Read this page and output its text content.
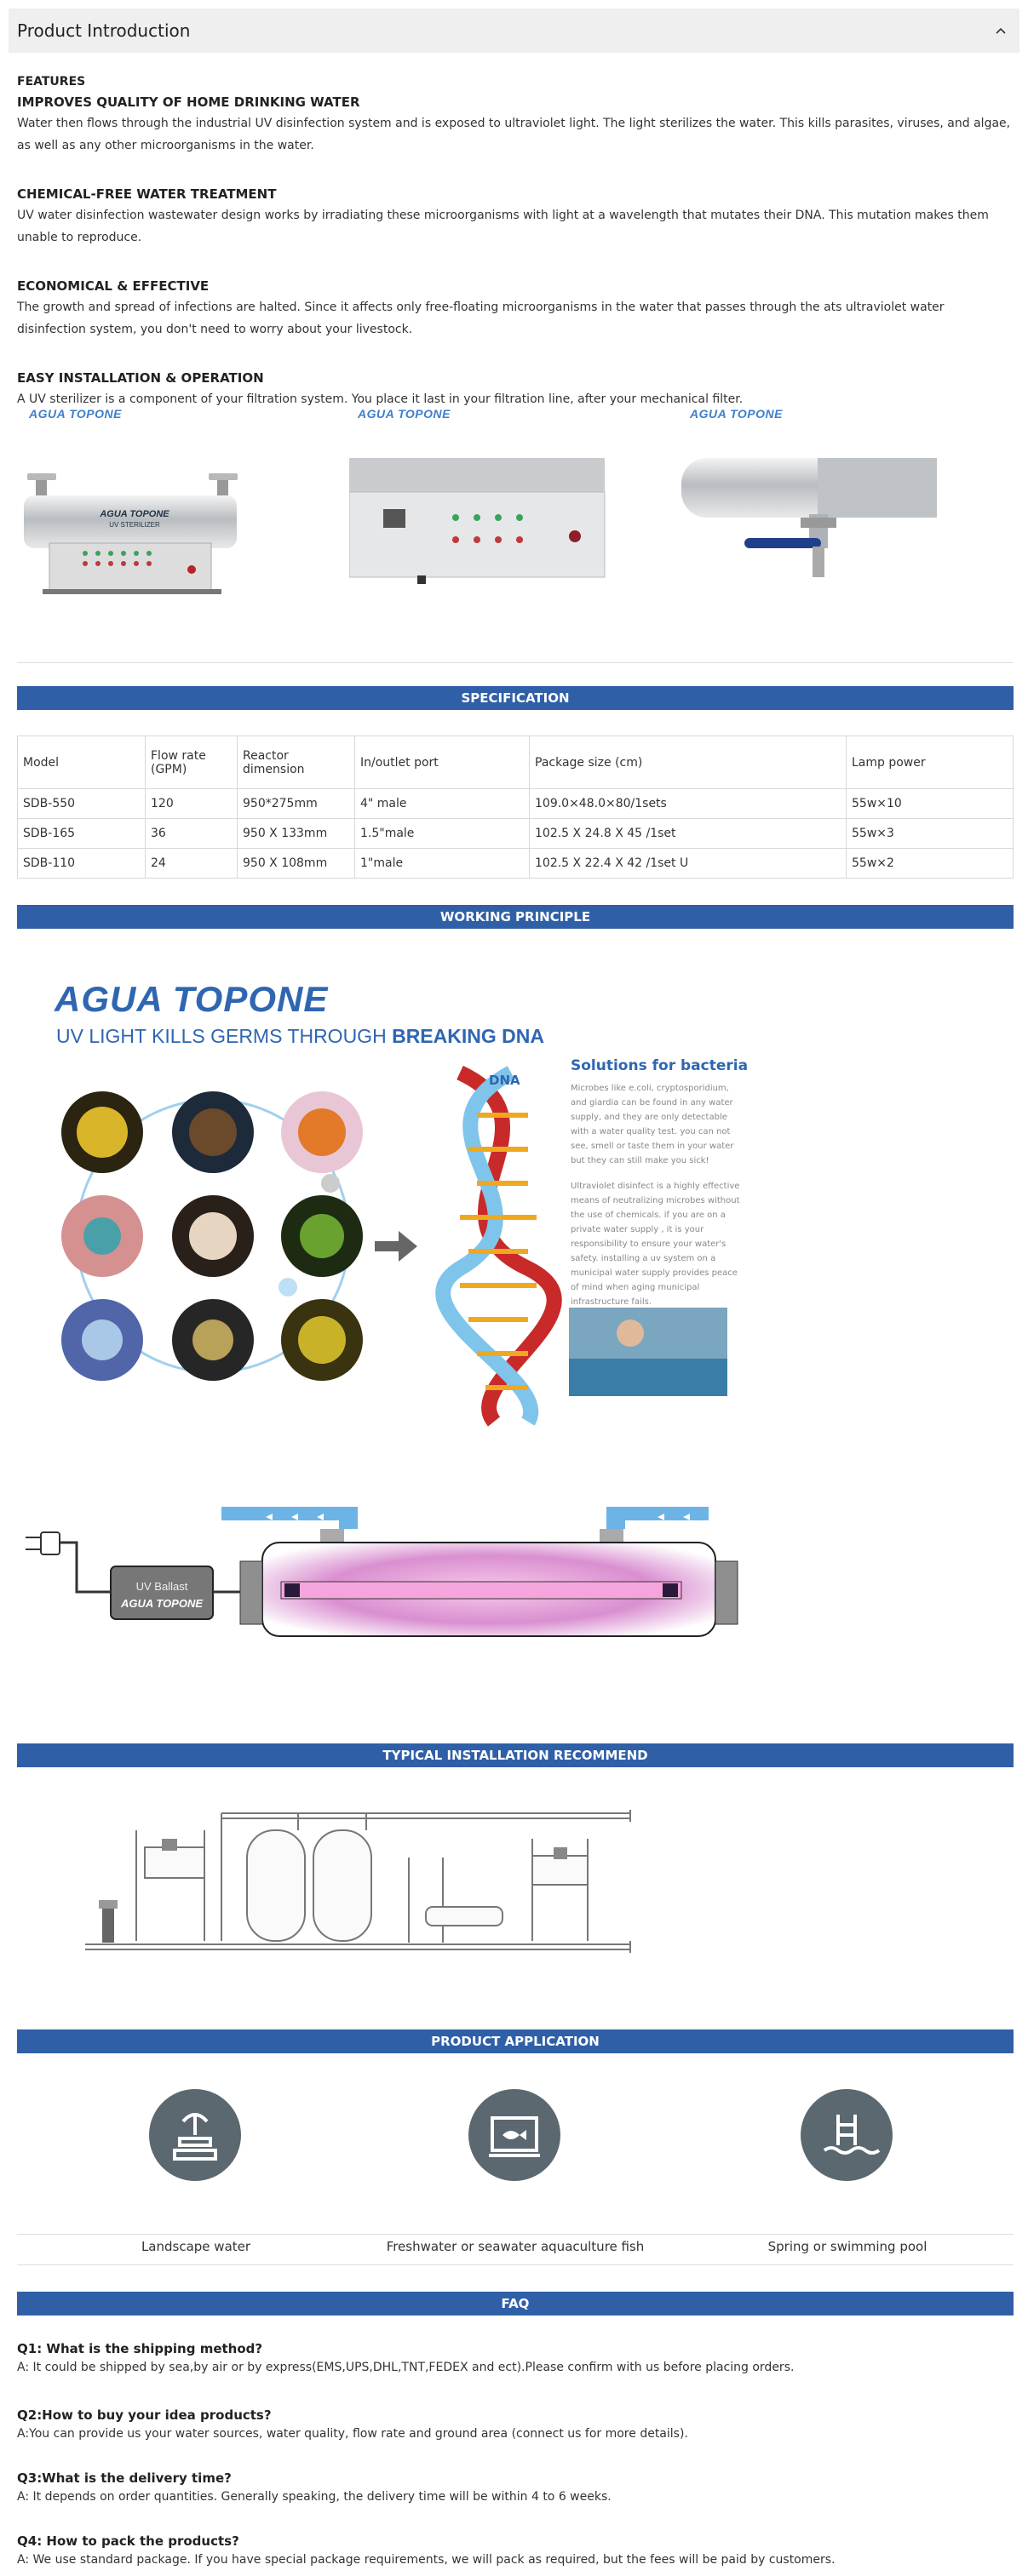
Product Introduction
FEATURES
IMPROVES QUALITY OF HOME DRINKING WATER
Water then flows through the industrial UV disinfection system and is exposed to ultraviolet light. The light sterilizes the water. This kills parasites, viruses, and algae, as well as any other microorganisms in the water.
CHEMICAL-FREE WATER TREATMENT
UV water disinfection wastewater design works by irradiating these microorganisms with light at a wavelength that mutates their DNA. This mutation makes them unable to reproduce.
ECONOMICAL & EFFECTIVE
The growth and spread of infections are halted. Since it affects only free-floating microorganisms in the water that passes through the ats ultraviolet water disinfection system, you don't need to worry about your livestock.
EASY INSTALLATION & OPERATION
A UV sterilizer is a component of your filtration system. You place it last in your filtration line, after your mechanical filter.
AGUA TOPONE
AGUA TOPONE
UV STERILIZER
AGUA TOPONE	AGUA TOPONE
SPECIFICATION
Model	Flow rate (GPM)	Reactor dimension	In/outlet port	Package size (cm)	Lamp power
SDB-550	120	950*275mm	4" male	109.0×48.0×80/1sets	55w×10
SDB-165	36	950 X 133mm	1.5"male	102.5 X 24.8 X 45 /1set	55w×3
SDB-110	24	950 X 108mm	1"male	102.5 X 22.4 X 42 /1set U	55w×2
WORKING PRINCIPLE
AGUA TOPONE
UV LIGHT KILLS GERMS THROUGH BREAKING DNA
DNA
Solutions for bacteria
Microbes like e.coli, cryptosporidium, and giardia can be found in any water supply, and they are only detectable with a water quality test. you can not see, smell or taste them in your water but they can still make you sick!
Ultraviolet disinfect is a highly effective means of neutralizing microbes without the use of chemicals. if you are on a private water supply , it is your responsibility to ensure your water's safety. installing a uv system on a municipal water supply provides peace of mind when aging municipal infrastructure fails.
UV Ballast
AGUA TOPONE
TYPICAL INSTALLATION RECOMMEND
PRODUCT APPLICATION
Landscape water	Freshwater or seawater aquaculture fish	Spring or swimming pool
FAQ
Q1: What is the shipping method?
A: It could be shipped by sea,by air or by express(EMS,UPS,DHL,TNT,FEDEX and ect).Please confirm with us before placing orders.
Q2:How to buy your idea products?
A:You can provide us your water sources, water quality, flow rate and ground area (connect us for more details).
Q3:What is the delivery time?
A: It depends on order quantities. Generally speaking, the delivery time will be within 4 to 6 weeks.
Q4: How to pack the products?
A: We use standard package. If you have special package requirements, we will pack as required, but the fees will be paid by customers.
